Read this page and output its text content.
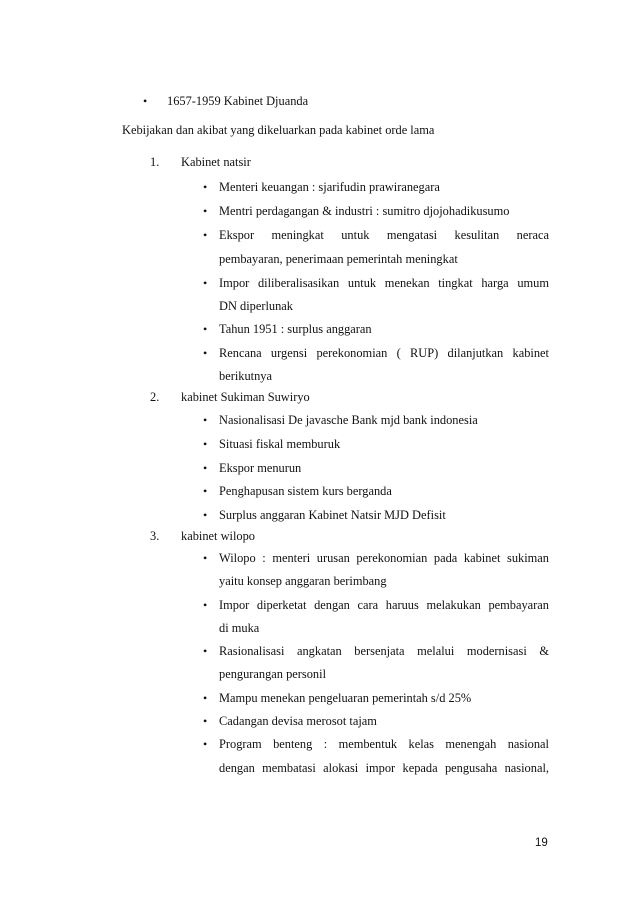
• 1657-1959 Kabinet Djuanda
Kebijakan dan akibat yang dikeluarkan pada kabinet orde lama
1. Kabinet natsir
• Menteri keuangan : sjarifudin prawiranegara
• Mentri perdagangan & industri : sumitro djojohadikusumo
• Ekspor meningkat untuk mengatasi kesulitan neraca
pembayaran, penerimaan pemerintah meningkat
• Impor diliberalisasikan untuk menekan tingkat harga umum
DN diperlunak
• Tahun 1951 : surplus anggaran
• Rencana urgensi perekonomian ( RUP) dilanjutkan kabinet
berikutnya
2. kabinet Sukiman Suwiryo
• Nasionalisasi De javasche Bank mjd bank indonesia
• Situasi fiskal memburuk
• Ekspor menurun
• Penghapusan sistem kurs berganda
• Surplus anggaran Kabinet Natsir MJD Defisit
3. kabinet wilopo
• Wilopo : menteri urusan perekonomian pada kabinet sukiman
yaitu konsep anggaran berimbang
• Impor diperketat dengan cara haruus melakukan pembayaran
di muka
• Rasionalisasi angkatan bersenjata melalui modernisasi &
pengurangan personil
• Mampu menekan pengeluaran pemerintah s/d 25%
• Cadangan devisa merosot tajam
• Program benteng : membentuk kelas menengah nasional
dengan membatasi alokasi impor kepada pengusaha nasional,
19
